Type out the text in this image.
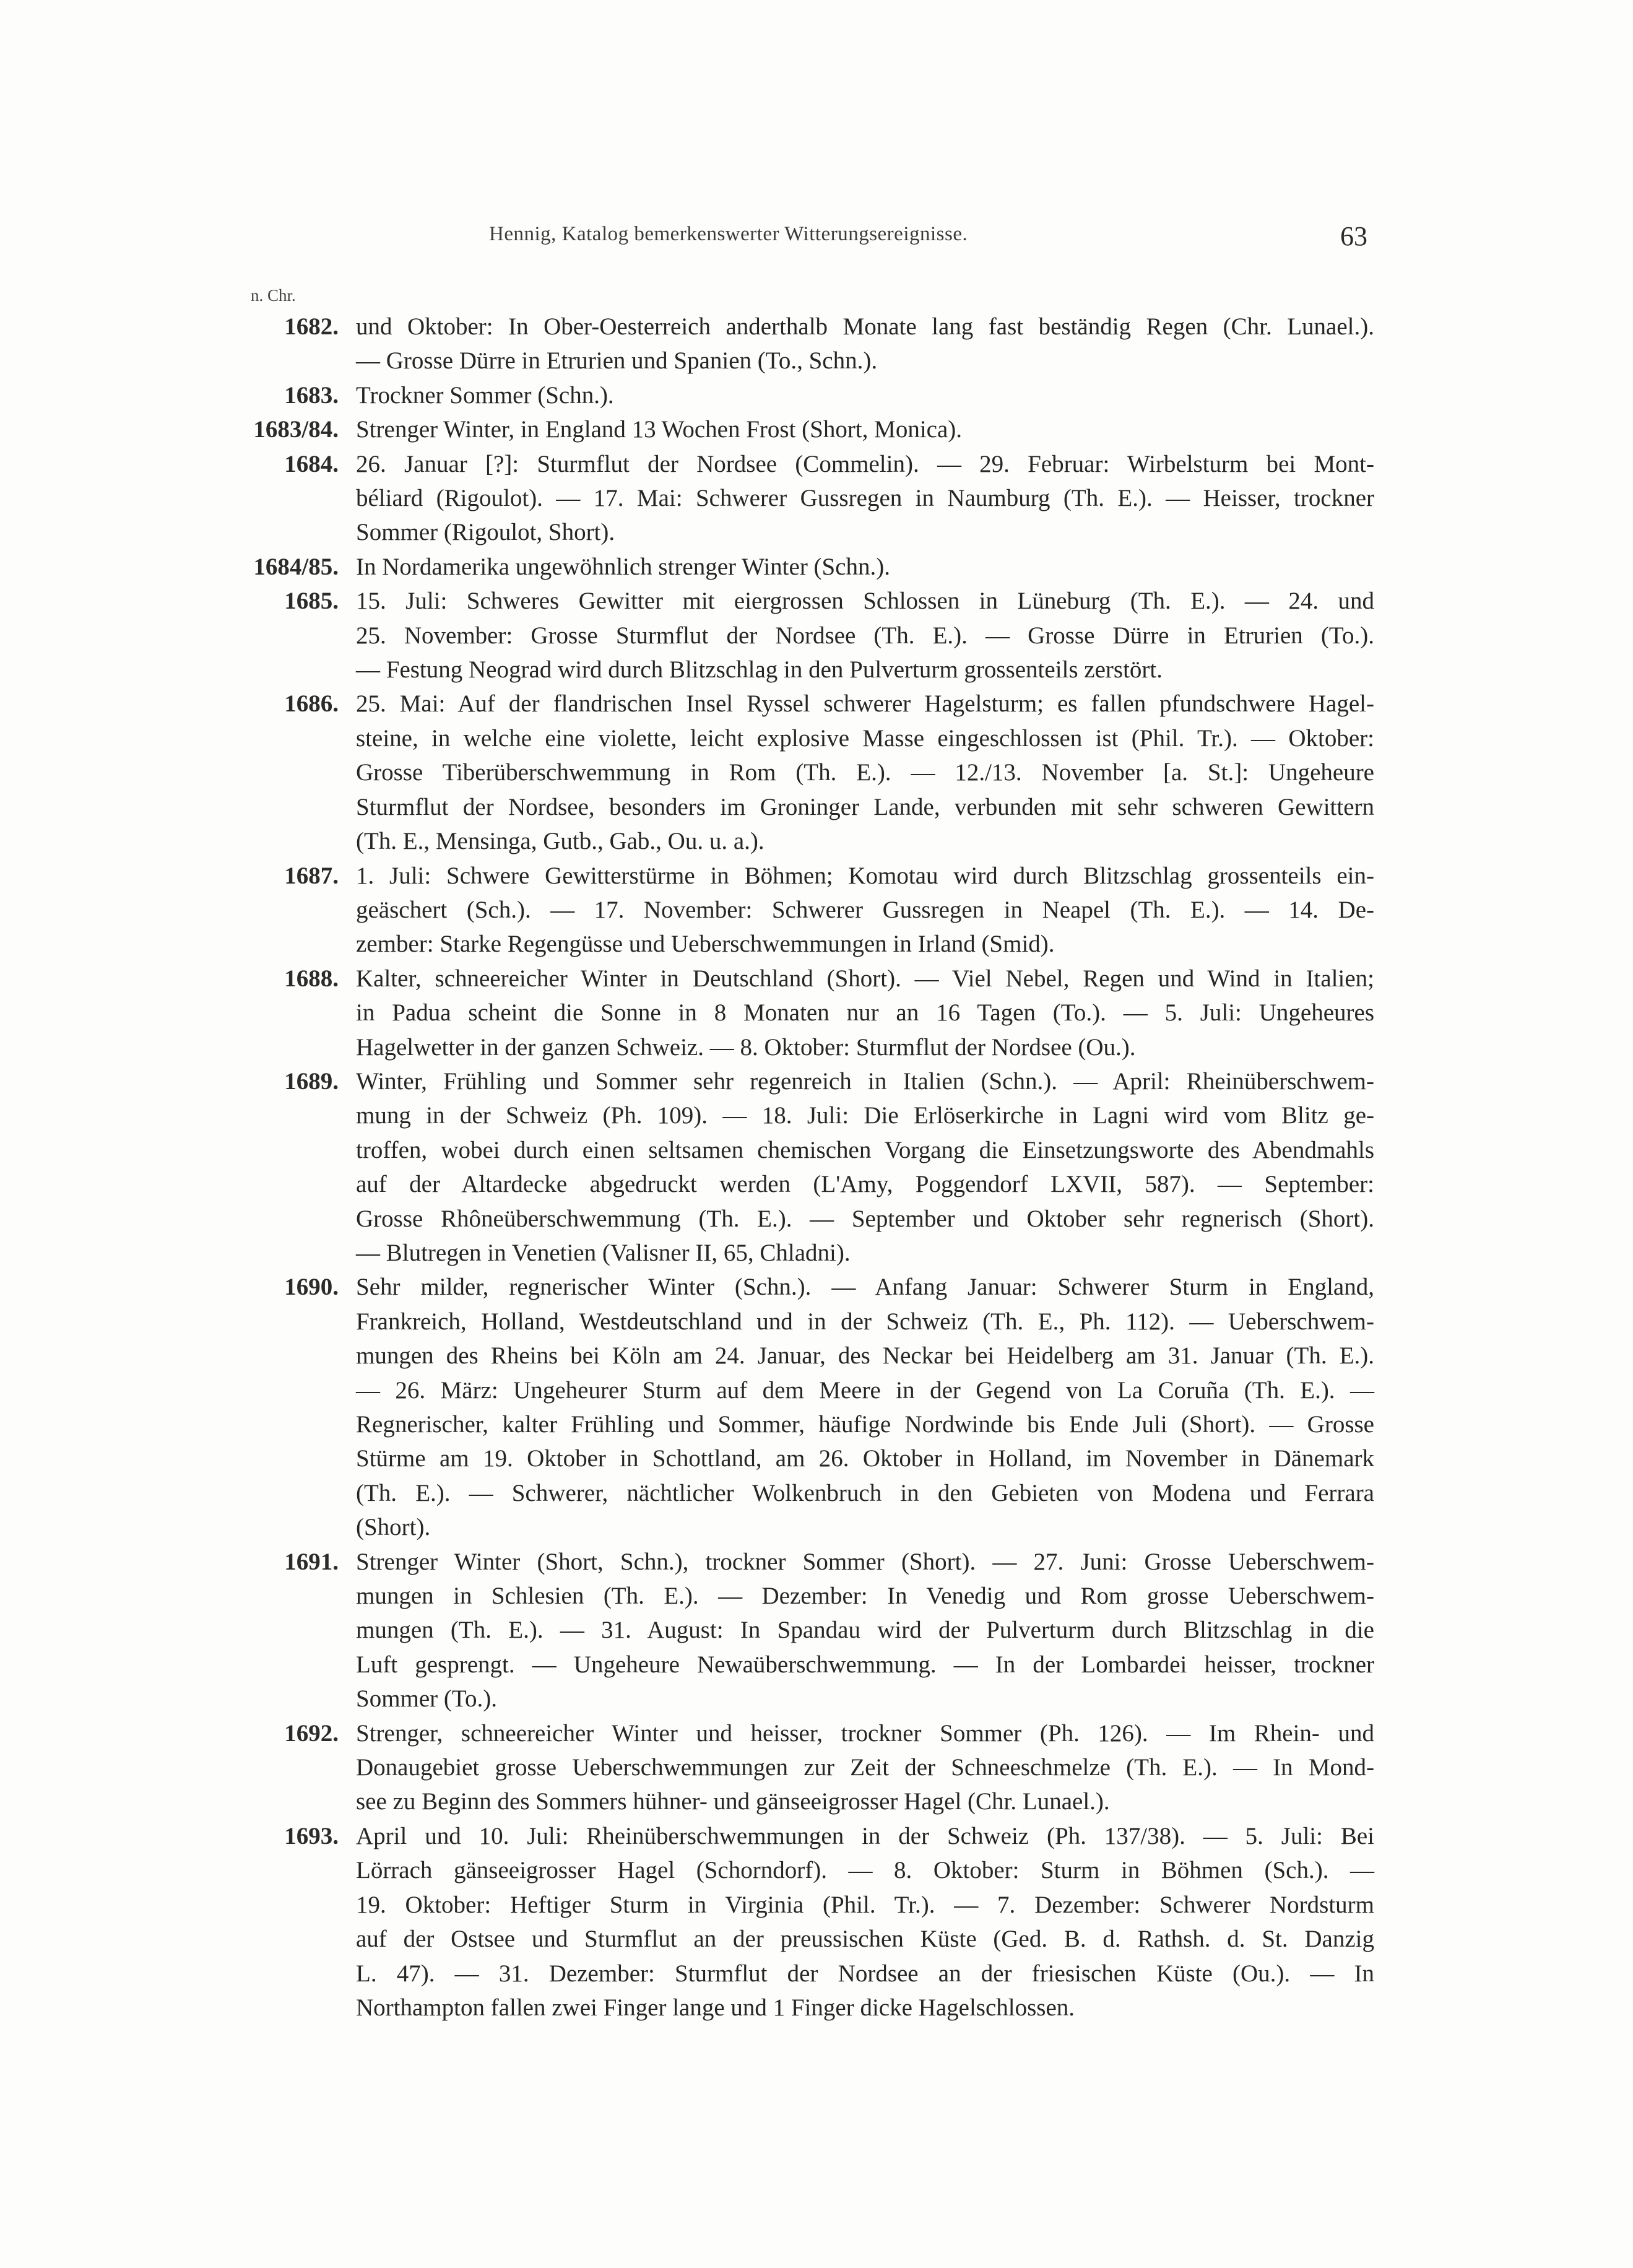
Hennig, Katalog bemerkenswerter Witterungsereignisse.	63
n. Chr.
1682. und Oktober: In Ober-Oesterreich anderthalb Monate lang fast beständig Regen (Chr. Lunael.).
— Grosse Dürre in Etrurien und Spanien (To., Schn.).
1683. Trockner Sommer (Schn.).
1683/84. Strenger Winter, in England 13 Wochen Frost (Short, Monica).
1684. 26. Januar [?]: Sturmflut der Nordsee (Commelin). — 29. Februar: Wirbelsturm bei Mont-
béliard (Rigoulot). — 17. Mai: Schwerer Gussregen in Naumburg (Th. E.). — Heisser, trockner
Sommer (Rigoulot, Short).
1684/85. In Nordamerika ungewöhnlich strenger Winter (Schn.).
1685. 15. Juli: Schweres Gewitter mit eiergrossen Schlossen in Lüneburg (Th. E.). — 24. und
25. November: Grosse Sturmflut der Nordsee (Th. E.). — Grosse Dürre in Etrurien (To.).
— Festung Neograd wird durch Blitzschlag in den Pulverturm grossenteils zerstört.
1686. 25. Mai: Auf der flandrischen Insel Ryssel schwerer Hagelsturm; es fallen pfundschwere Hagel-
steine, in welche eine violette, leicht explosive Masse eingeschlossen ist (Phil. Tr.). — Oktober:
Grosse Tiberüberschwemmung in Rom (Th. E.). — 12./13. November [a. St.]: Ungeheure
Sturmflut der Nordsee, besonders im Groninger Lande, verbunden mit sehr schweren Gewittern
(Th. E., Mensinga, Gutb., Gab., Ou. u. a.).
1687. 1. Juli: Schwere Gewitterstürme in Böhmen; Komotau wird durch Blitzschlag grossenteils ein-
geäschert (Sch.). — 17. November: Schwerer Gussregen in Neapel (Th. E.). — 14. De-
zember: Starke Regengüsse und Ueberschwemmungen in Irland (Smid).
1688. Kalter, schneereicher Winter in Deutschland (Short). — Viel Nebel, Regen und Wind in Italien;
in Padua scheint die Sonne in 8 Monaten nur an 16 Tagen (To.). — 5. Juli: Ungeheures
Hagelwetter in der ganzen Schweiz. — 8. Oktober: Sturmflut der Nordsee (Ou.).
1689. Winter, Frühling und Sommer sehr regenreich in Italien (Schn.). — April: Rheinüberschwem-
mung in der Schweiz (Ph. 109). — 18. Juli: Die Erlöserkirche in Lagni wird vom Blitz ge-
troffen, wobei durch einen seltsamen chemischen Vorgang die Einsetzungsworte des Abendmahls
auf der Altardecke abgedruckt werden (L'Amy, Poggendorf LXVII, 587). — September:
Grosse Rhôneüberschwemmung (Th. E.). — September und Oktober sehr regnerisch (Short).
— Blutregen in Venetien (Valisner II, 65, Chladni).
1690. Sehr milder, regnerischer Winter (Schn.). — Anfang Januar: Schwerer Sturm in England,
Frankreich, Holland, Westdeutschland und in der Schweiz (Th. E., Ph. 112). — Ueberschwem-
mungen des Rheins bei Köln am 24. Januar, des Neckar bei Heidelberg am 31. Januar (Th. E.).
— 26. März: Ungeheurer Sturm auf dem Meere in der Gegend von La Coruña (Th. E.). —
Regnerischer, kalter Frühling und Sommer, häufige Nordwinde bis Ende Juli (Short). — Grosse
Stürme am 19. Oktober in Schottland, am 26. Oktober in Holland, im November in Dänemark
(Th. E.). — Schwerer, nächtlicher Wolkenbruch in den Gebieten von Modena und Ferrara
(Short).
1691. Strenger Winter (Short, Schn.), trockner Sommer (Short). — 27. Juni: Grosse Ueberschwem-
mungen in Schlesien (Th. E.). — Dezember: In Venedig und Rom grosse Ueberschwem-
mungen (Th. E.). — 31. August: In Spandau wird der Pulverturm durch Blitzschlag in die
Luft gesprengt. — Ungeheure Newaüberschwemmung. — In der Lombardei heisser, trockner
Sommer (To.).
1692. Strenger, schneereicher Winter und heisser, trockner Sommer (Ph. 126). — Im Rhein- und
Donaugebiet grosse Ueberschwemmungen zur Zeit der Schneeschmelze (Th. E.). — In Mond-
see zu Beginn des Sommers hühner- und gänseeigrosser Hagel (Chr. Lunael.).
1693. April und 10. Juli: Rheinüberschwemmungen in der Schweiz (Ph. 137/38). — 5. Juli: Bei
Lörrach gänseeigrosser Hagel (Schorndorf). — 8. Oktober: Sturm in Böhmen (Sch.). —
19. Oktober: Heftiger Sturm in Virginia (Phil. Tr.). — 7. Dezember: Schwerer Nordsturm
auf der Ostsee und Sturmflut an der preussischen Küste (Ged. B. d. Rathsh. d. St. Danzig
L. 47). — 31. Dezember: Sturmflut der Nordsee an der friesischen Küste (Ou.). — In
Northampton fallen zwei Finger lange und 1 Finger dicke Hagelschlossen.
